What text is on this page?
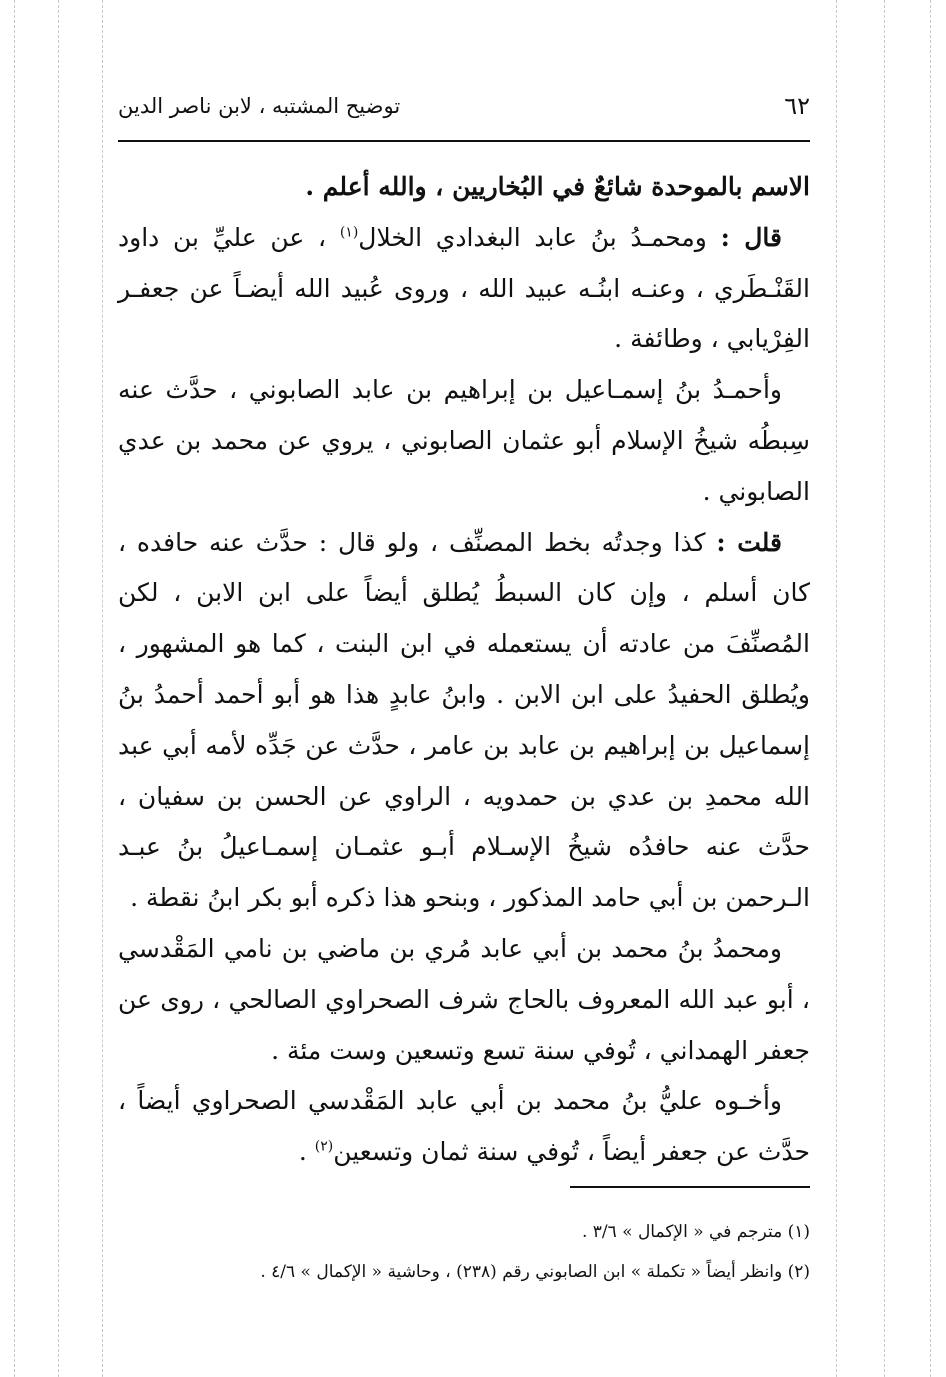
٦٢
توضيح المشتبه ، لابن ناصر الدين

الاسم بالموحدة شائعٌ في البُخاريين ، والله أعلم .

قال : ومحمـدُ بنُ عابد البغدادي الخلال$^{(١)}$ ، عن عليِّ بن داود القَنْـطَري ، وعنـه ابنُـه عبيد الله ، وروى عُبيد الله أيضـاً عن جعفـر الفِرْيابي ، وطائفة .

وأحمـدُ بنُ إسمـاعيل بن إبراهيم بن عابد الصابوني ، حدَّث عنه سِبطُه شيخُ الإسلام أبو عثمان الصابوني ، يروي عن محمد بن عدي الصابوني .

قلت : كذا وجدتُه بخط المصنِّف ، ولو قال : حدَّث عنه حافده ، كان أسلم ، وإن كان السبطُ يُطلق أيضاً على ابن الابن ، لكن المُصنِّفَ من عادته أن يستعمله في ابن البنت ، كما هو المشهور ، ويُطلق الحفيدُ على ابن الابن . وابنُ عابدٍ هذا هو أبو أحمد أحمدُ بنُ إسماعيل بن إبراهيم بن عابد بن عامر ، حدَّث عن جَدِّه لأمه أبي عبد الله محمدِ بن عدي بن حمدويه ، الراوي عن الحسن بن سفيان ، حدَّث عنه حافدُه شيخُ الإسـلام أبـو عثمـان إسمـاعيلُ بنُ عبـد الـرحمن بن أبي حامد المذكور ، وبنحو هذا ذكره أبو بكر ابنُ نقطة .

ومحمدُ بنُ محمد بن أبي عابد مُري بن ماضي بن نامي المَقْدسي ، أبو عبد الله المعروف بالحاج شرف الصحراوي الصالحي ، روى عن جعفر الهمداني ، تُوفي سنة تسع وتسعين وست مئة .

وأخـوه عليُّ بنُ محمد بن أبي عابد المَقْدسي الصحراوي أيضاً ، حدَّث عن جعفر أيضاً ، تُوفي سنة ثمان وتسعين$^{(٢)}$ .

(١) مترجم في « الإكمال » ٣/٦ .

(٢) وانظر أيضاً « تكملة » ابن الصابوني رقم (٢٣٨) ، وحاشية « الإكمال » ٤/٦ .
